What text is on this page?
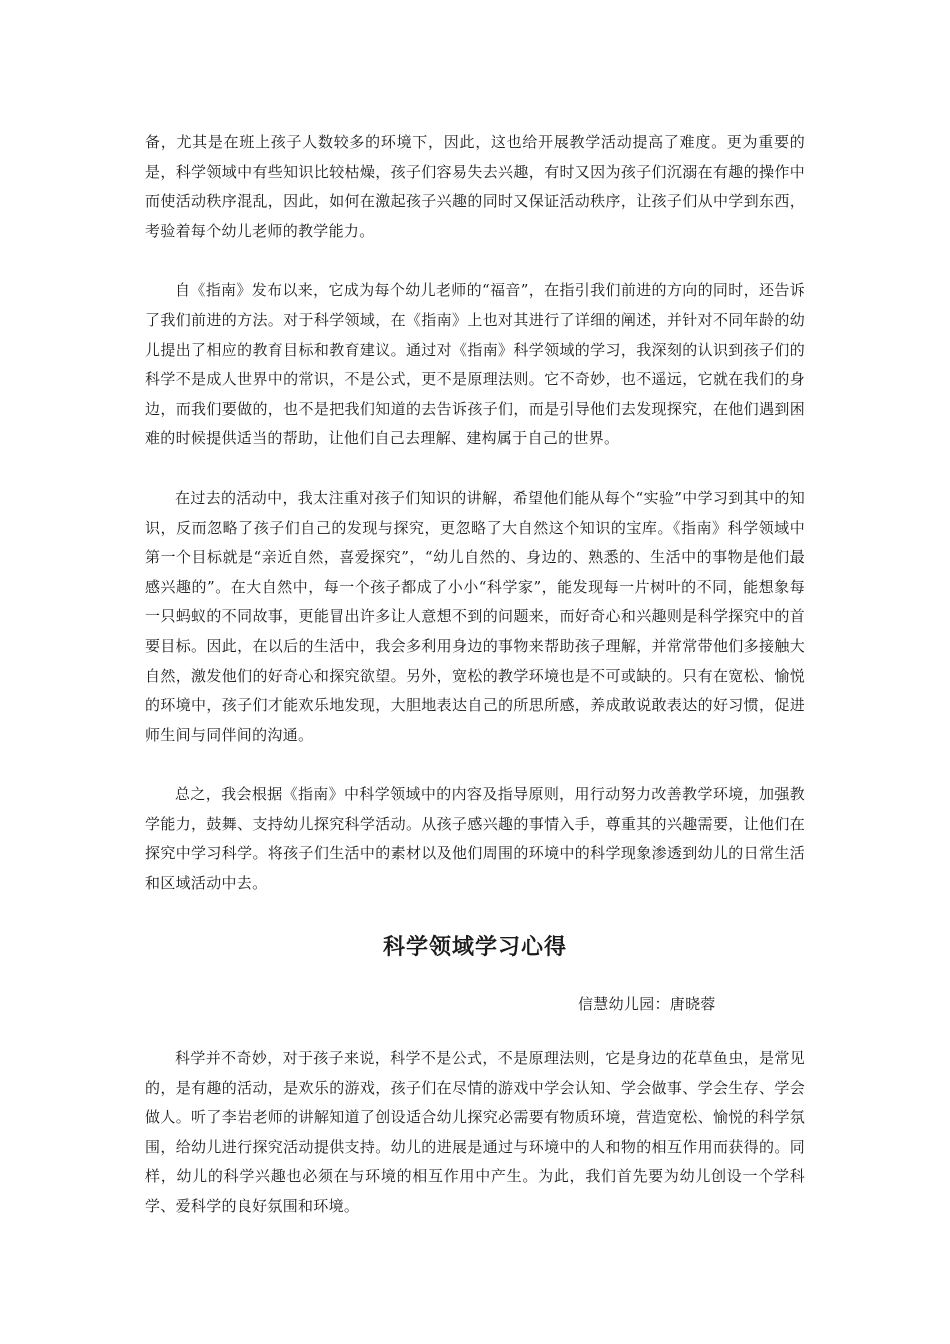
备，尤其是在班上孩子人数较多的环境下，因此，这也给开展教学活动提高了难度。更为重要的是，科学领域中有些知识比较枯燥，孩子们容易失去兴趣，有时又因为孩子们沉溺在有趣的操作中而使活动秩序混乱，因此，如何在激起孩子兴趣的同时又保证活动秩序，让孩子们从中学到东西，考验着每个幼儿老师的教学能力。

自《指南》发布以来，它成为每个幼儿老师的“福音”，在指引我们前进的方向的同时，还告诉了我们前进的方法。对于科学领域，在《指南》上也对其进行了详细的阐述，并针对不同年龄的幼儿提出了相应的教育目标和教育建议。通过对《指南》科学领域的学习，我深刻的认识到孩子们的科学不是成人世界中的常识，不是公式，更不是原理法则。它不奇妙，也不遥远，它就在我们的身边，而我们要做的，也不是把我们知道的去告诉孩子们，而是引导他们去发现探究，在他们遇到困难的时候提供适当的帮助，让他们自己去理解、建构属于自己的世界。

在过去的活动中，我太注重对孩子们知识的讲解，希望他们能从每个“实验”中学习到其中的知识，反而忽略了孩子们自己的发现与探究，更忽略了大自然这个知识的宝库。《指南》科学领域中第一个目标就是“亲近自然，喜爱探究”，“幼儿自然的、身边的、熟悉的、生活中的事物是他们最感兴趣的”。在大自然中，每一个孩子都成了小小“科学家”，能发现每一片树叶的不同，能想象每一只蚂蚁的不同故事，更能冒出许多让人意想不到的问题来，而好奇心和兴趣则是科学探究中的首要目标。因此，在以后的生活中，我会多利用身边的事物来帮助孩子理解，并常常带他们多接触大自然，激发他们的好奇心和探究欲望。另外，宽松的教学环境也是不可或缺的。只有在宽松、愉悦的环境中，孩子们才能欢乐地发现，大胆地表达自己的所思所感，养成敢说敢表达的好习惯，促进师生间与同伴间的沟通。

总之，我会根据《指南》中科学领域中的内容及指导原则，用行动努力改善教学环境，加强教学能力，鼓舞、支持幼儿探究科学活动。从孩子感兴趣的事情入手，尊重其的兴趣需要，让他们在探究中学习科学。将孩子们生活中的素材以及他们周围的环境中的科学现象渗透到幼儿的日常生活和区域活动中去。

科学领域学习心得

信慧幼儿园：唐晓蓉

科学并不奇妙，对于孩子来说，科学不是公式，不是原理法则，它是身边的花草鱼虫，是常见的，是有趣的活动，是欢乐的游戏，孩子们在尽情的游戏中学会认知、学会做事、学会生存、学会做人。听了李岩老师的讲解知道了创设适合幼儿探究必需要有物质环境，营造宽松、愉悦的科学氛围，给幼儿进行探究活动提供支持。幼儿的进展是通过与环境中的人和物的相互作用而获得的。同样，幼儿的科学兴趣也必须在与环境的相互作用中产生。为此，我们首先要为幼儿创设一个学科学、爱科学的良好氛围和环境。
